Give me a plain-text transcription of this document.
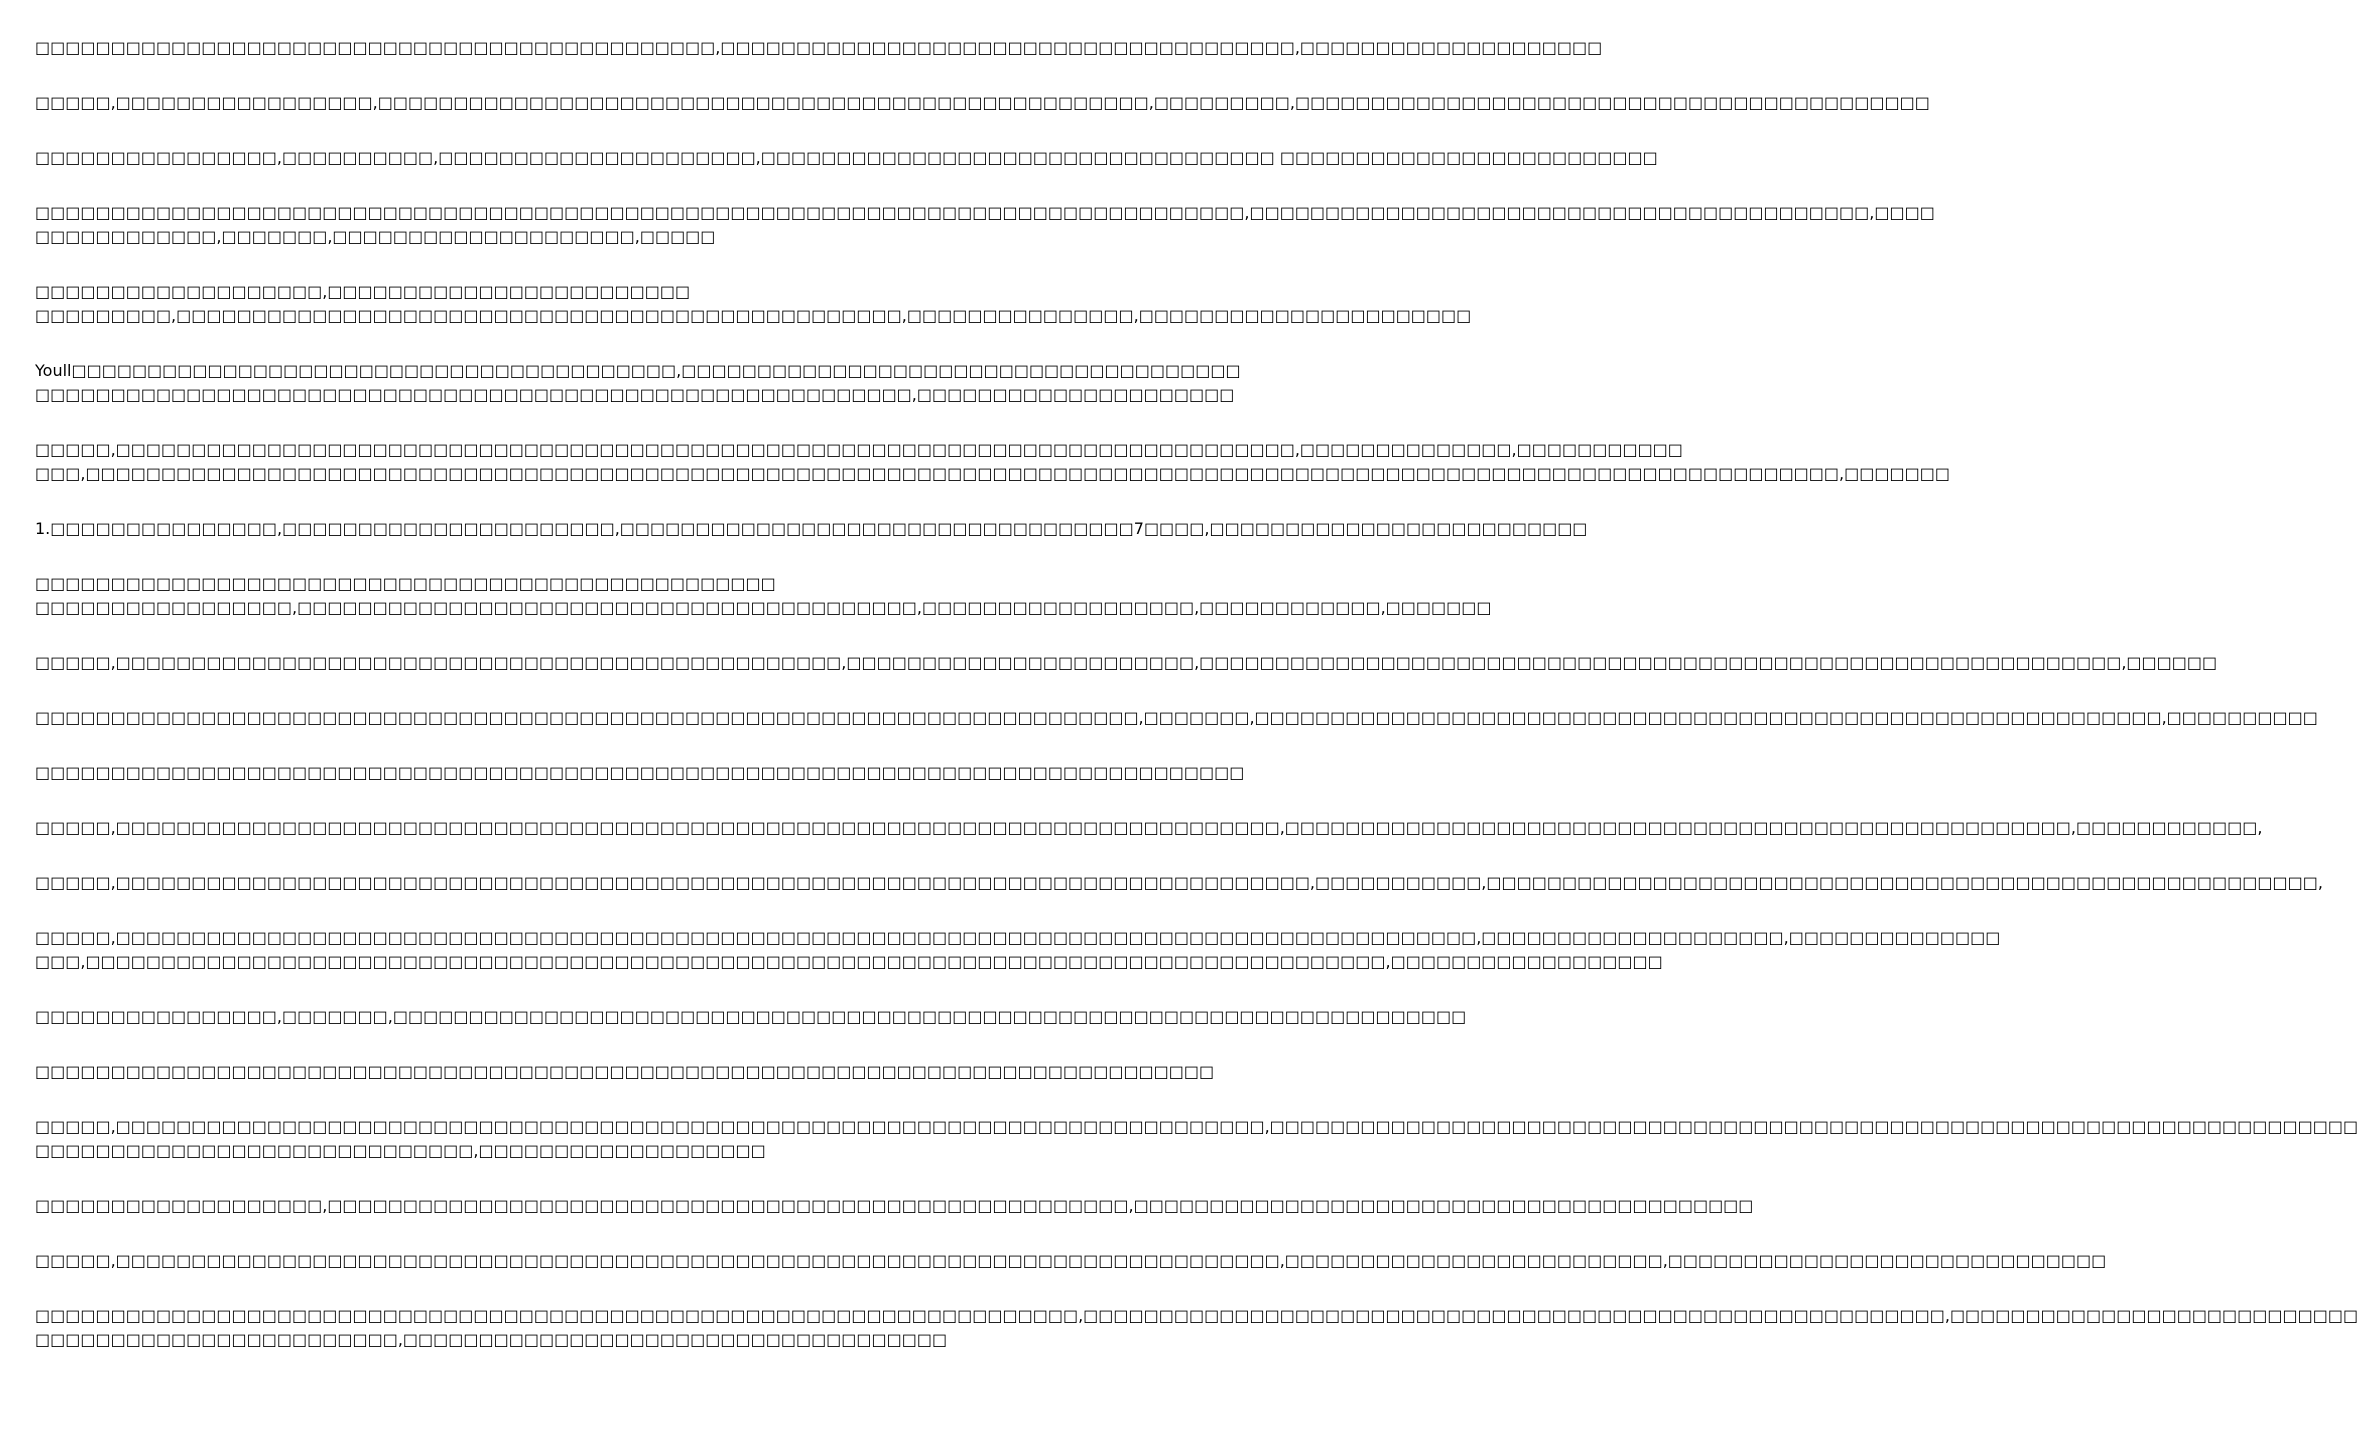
□□□□□□□□□□□□□□□□□□□□□□□□□□□□□□□□□□□□□□□□□□□□□,□□□□□□□□□□□□□□□□□□□□□□□□□□□□□□□□□□□□□□,□□□□□□□□□□□□□□□□□□□□

□□□□□,□□□□□□□□□□□□□□□□□,□□□□□□□□□□□□□□□□□□□□□□□□□□□□□□□□□□□□□□□□□□□□□□□□□□□,□□□□□□□□□,□□□□□□□□□□□□□□□□□□□□□□□□□□□□□□□□□□□□□□□□□□

□□□□□□□□□□□□□□□□,□□□□□□□□□□,□□□□□□□□□□□□□□□□□□□□□,□□□□□□□□□□□□□□□□□□□□□□□□□□□□□□□□□□ □□□□□□□□□□□□□□□□□□□□□□□□□

□□□□□□□□□□□□□□□□□□□□□□□□□□□□□□□□□□□□□□□□□□□□□□□□□□□□□□□□□□□□□□□□□□□□□□□□□□□□□□□□,□□□□□□□□□□□□□□□□□□□□□□□□□□□□□□□□□□□□□□□□□,□□□□
□□□□□□□□□□□□,□□□□□□□,□□□□□□□□□□□□□□□□□□□□,□□□□□

□□□□□□□□□□□□□□□□□□□,□□□□□□□□□□□□□□□□□□□□□□□□
□□□□□□□□□,□□□□□□□□□□□□□□□□□□□□□□□□□□□□□□□□□□□□□□□□□□□□□□□□,□□□□□□□□□□□□□□□,□□□□□□□□□□□□□□□□□□□□□□

Youll□□□□□□□□□□□□□□□□□□□□□□□□□□□□□□□□□□□□□□□□,□□□□□□□□□□□□□□□□□□□□□□□□□□□□□□□□□□□□□
□□□□□□□□□□□□□□□□□□□□□□□□□□□□□□□□□□□□□□□□□□□□□□□□□□□□□□□□□□,□□□□□□□□□□□□□□□□□□□□□

□□□□□,□□□□□□□□□□□□□□□□□□□□□□□□□□□□□□□□□□□□□□□□□□□□□□□□□□□□□□□□□□□□□□□□□□□□□□□□□□□□□□,□□□□□□□□□□□□□□,□□□□□□□□□□□
□□□,□□□□□□□□□□□□□□□□□□□□□□□□□□□□□□□□□□□□□□□□□□□□□□□□□□□□□□□□□□□□□□□□□□□□□□□□□□□□□□□□□□□□□□□□□□□□□□□□□□□□□□□□□□□□□□□□□□□□,□□□□□□□

1.□□□□□□□□□□□□□□□,□□□□□□□□□□□□□□□□□□□□□□,□□□□□□□□□□□□□□□□□□□□□□□□□□□□□□□□□□7□□□□,□□□□□□□□□□□□□□□□□□□□□□□□□

□□□□□□□□□□□□□□□□□□□□□□□□□□□□□□□□□□□□□□□□□□□□□□□□□
□□□□□□□□□□□□□□□□□,□□□□□□□□□□□□□□□□□□□□□□□□□□□□□□□□□□□□□□□□□,□□□□□□□□□□□□□□□□□□,□□□□□□□□□□□□,□□□□□□□

□□□□□,□□□□□□□□□□□□□□□□□□□□□□□□□□□□□□□□□□□□□□□□□□□□□□□□,□□□□□□□□□□□□□□□□□□□□□□□,□□□□□□□□□□□□□□□□□□□□□□□□□□□□□□□□□□□□□□□□□□□□□□□□□□□□□□□□□□□□□,□□□□□□

□□□□□□□□□□□□□□□□□□□□□□□□□□□□□□□□□□□□□□□□□□□□□□□□□□□□□□□□□□□□□□□□□□□□□□□□□,□□□□□□□,□□□□□□□□□□□□□□□□□□□□□□□□□□□□□□□□□□□□□□□□□□□□□□□□□□□□□□□□□□□□,□□□□□□□□□□

□□□□□□□□□□□□□□□□□□□□□□□□□□□□□□□□□□□□□□□□□□□□□□□□□□□□□□□□□□□□□□□□□□□□□□□□□□□□□□□□

□□□□□,□□□□□□□□□□□□□□□□□□□□□□□□□□□□□□□□□□□□□□□□□□□□□□□□□□□□□□□□□□□□□□□□□□□□□□□□□□□□□,□□□□□□□□□□□□□□□□□□□□□□□□□□□□□□□□□□□□□□□□□□□□□□□□□□□□,□□□□□□□□□□□□,

□□□□□,□□□□□□□□□□□□□□□□□□□□□□□□□□□□□□□□□□□□□□□□□□□□□□□□□□□□□□□□□□□□□□□□□□□□□□□□□□□□□□□,□□□□□□□□□□□,□□□□□□□□□□□□□□□□□□□□□□□□□□□□□□□□□□□□□□□□□□□□□□□□□□□□□□□,

□□□□□,□□□□□□□□□□□□□□□□□□□□□□□□□□□□□□□□□□□□□□□□□□□□□□□□□□□□□□□□□□□□□□□□□□□□□□□□□□□□□□□□□□□□□□□□□□,□□□□□□□□□□□□□□□□□□□□,□□□□□□□□□□□□□□
□□□,□□□□□□□□□□□□□□□□□□□□□□□□□□□□□□□□□□□□□□□□□□□□□□□□□□□□□□□□□□□□□□□□□□□□□□□□□□□□□□□□□□□□□□,□□□□□□□□□□□□□□□□□□

□□□□□□□□□□□□□□□□,□□□□□□□,□□□□□□□□□□□□□□□□□□□□□□□□□□□□□□□□□□□□□□□□□□□□□□□□□□□□□□□□□□□□□□□□□□□□□□□

□□□□□□□□□□□□□□□□□□□□□□□□□□□□□□□□□□□□□□□□□□□□□□□□□□□□□□□□□□□□□□□□□□□□□□□□□□□□□□

□□□□□,□□□□□□□□□□□□□□□□□□□□□□□□□□□□□□□□□□□□□□□□□□□□□□□□□□□□□□□□□□□□□□□□□□□□□□□□□□□□,□□□□□□□□□□□□□□□□□□□□□□□□□□□□□□□□□□□□□□□□□□□□□□□□□□□□□□□□□□□□□□□□□□□□□□□□
□□□□□□□□□□□□□□□□□□□□□□□□□□□□□,□□□□□□□□□□□□□□□□□□□

□□□□□□□□□□□□□□□□□□□,□□□□□□□□□□□□□□□□□□□□□□□□□□□□□□□□□□□□□□□□□□□□□□□□□□□□□,□□□□□□□□□□□□□□□□□□□□□□□□□□□□□□□□□□□□□□□□□

□□□□□,□□□□□□□□□□□□□□□□□□□□□□□□□□□□□□□□□□□□□□□□□□□□□□□□□□□□□□□□□□□□□□□□□□□□□□□□□□□□□,□□□□□□□□□□□□□□□□□□□□□□□□□,□□□□□□□□□□□□□□□□□□□□□□□□□□□□□

□□□□□□□□□□□□□□□□□□□□□□□□□□□□□□□□□□□□□□□□□□□□□□□□□□□□□□□□□□□□□□□□□□□□□,□□□□□□□□□□□□□□□□□□□□□□□□□□□□□□□□□□□□□□□□□□□□□□□□□□□□□□□□□,□□□□□□□□□□□□□□□□□□□□□□□□□□□
□□□□□□□□□□□□□□□□□□□□□□□□,□□□□□□□□□□□□□□□□□□□□□□□□□□□□□□□□□□□□
